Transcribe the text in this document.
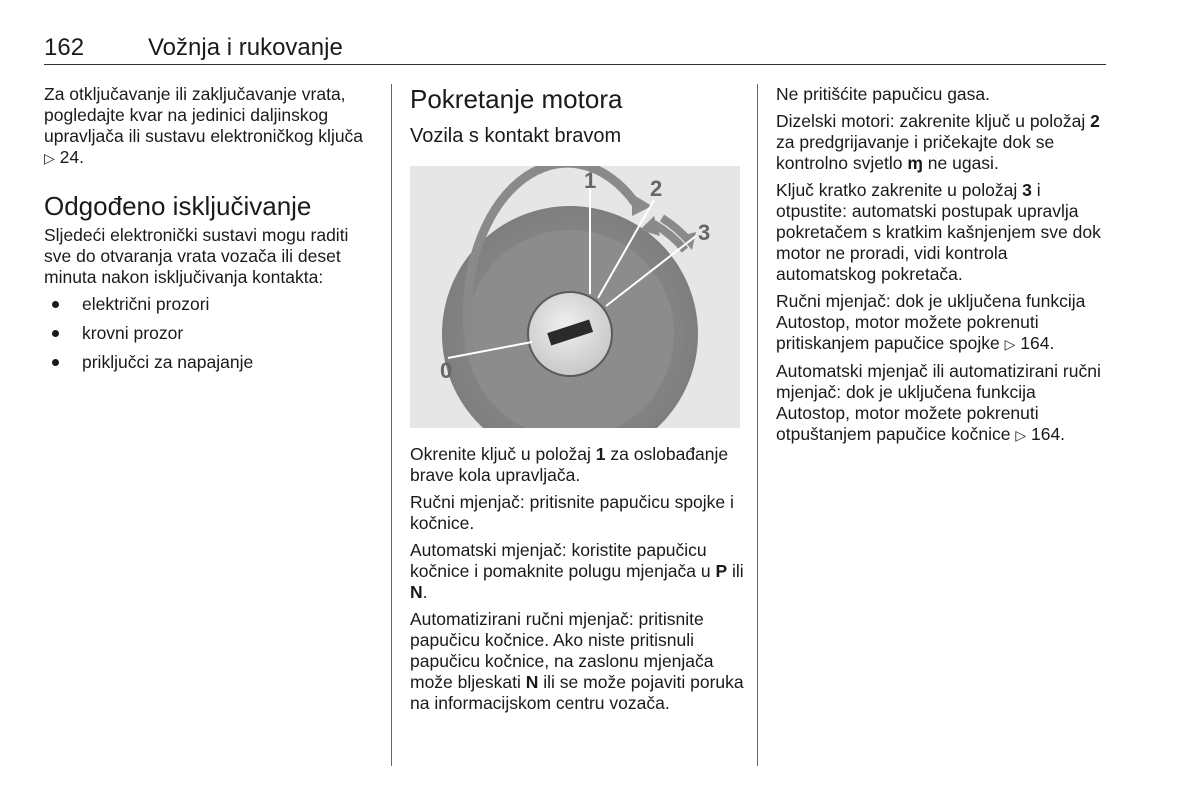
162	Vožnja i rukovanje

Za otključavanje ili zaključavanje vrata, pogledajte kvar na jedinici daljinskog upravljača ili sustavu elektroničkog ključa ▷ 24.

Odgođeno isključivanje

Sljedeći elektronički sustavi mogu raditi sve do otvaranja vrata vozača ili deset minuta nakon isključivanja kontakta:

električni prozori
krovni prozor
priključci za napajanje
Pokretanje motora
Vozila s kontakt bravom
0
1 2
3

Okrenite ključ u položaj 1 za oslobađanje brave kola upravljača.

Ručni mjenjač: pritisnite papučicu spojke i kočnice.

Automatski mjenjač: koristite papučicu kočnice i pomaknite polugu mjenjača u P ili N.

Automatizirani ručni mjenjač: pritisnite papučicu kočnice. Ako niste pritisnuli papučicu kočnice, na zaslonu mjenjača može bljeskati N ili se može pojaviti poruka na informacijskom centru vozača.

Ne pritišćite papučicu gasa.

Dizelski motori: zakrenite ključ u položaj 2 za predgrijavanje i pričekajte dok se kontrolno svjetlo ɱ ne ugasi.

Ključ kratko zakrenite u položaj 3 i otpustite: automatski postupak upravlja pokretačem s kratkim kašnjenjem sve dok motor ne proradi, vidi kontrola automatskog pokretača.

Ručni mjenjač: dok je uključena funkcija Autostop, motor možete pokrenuti pritiskanjem papučice spojke ▷ 164.

Automatski mjenjač ili automatizirani ručni mjenjač: dok je uključena funkcija Autostop, motor možete pokrenuti otpuštanjem papučice kočnice ▷ 164.
